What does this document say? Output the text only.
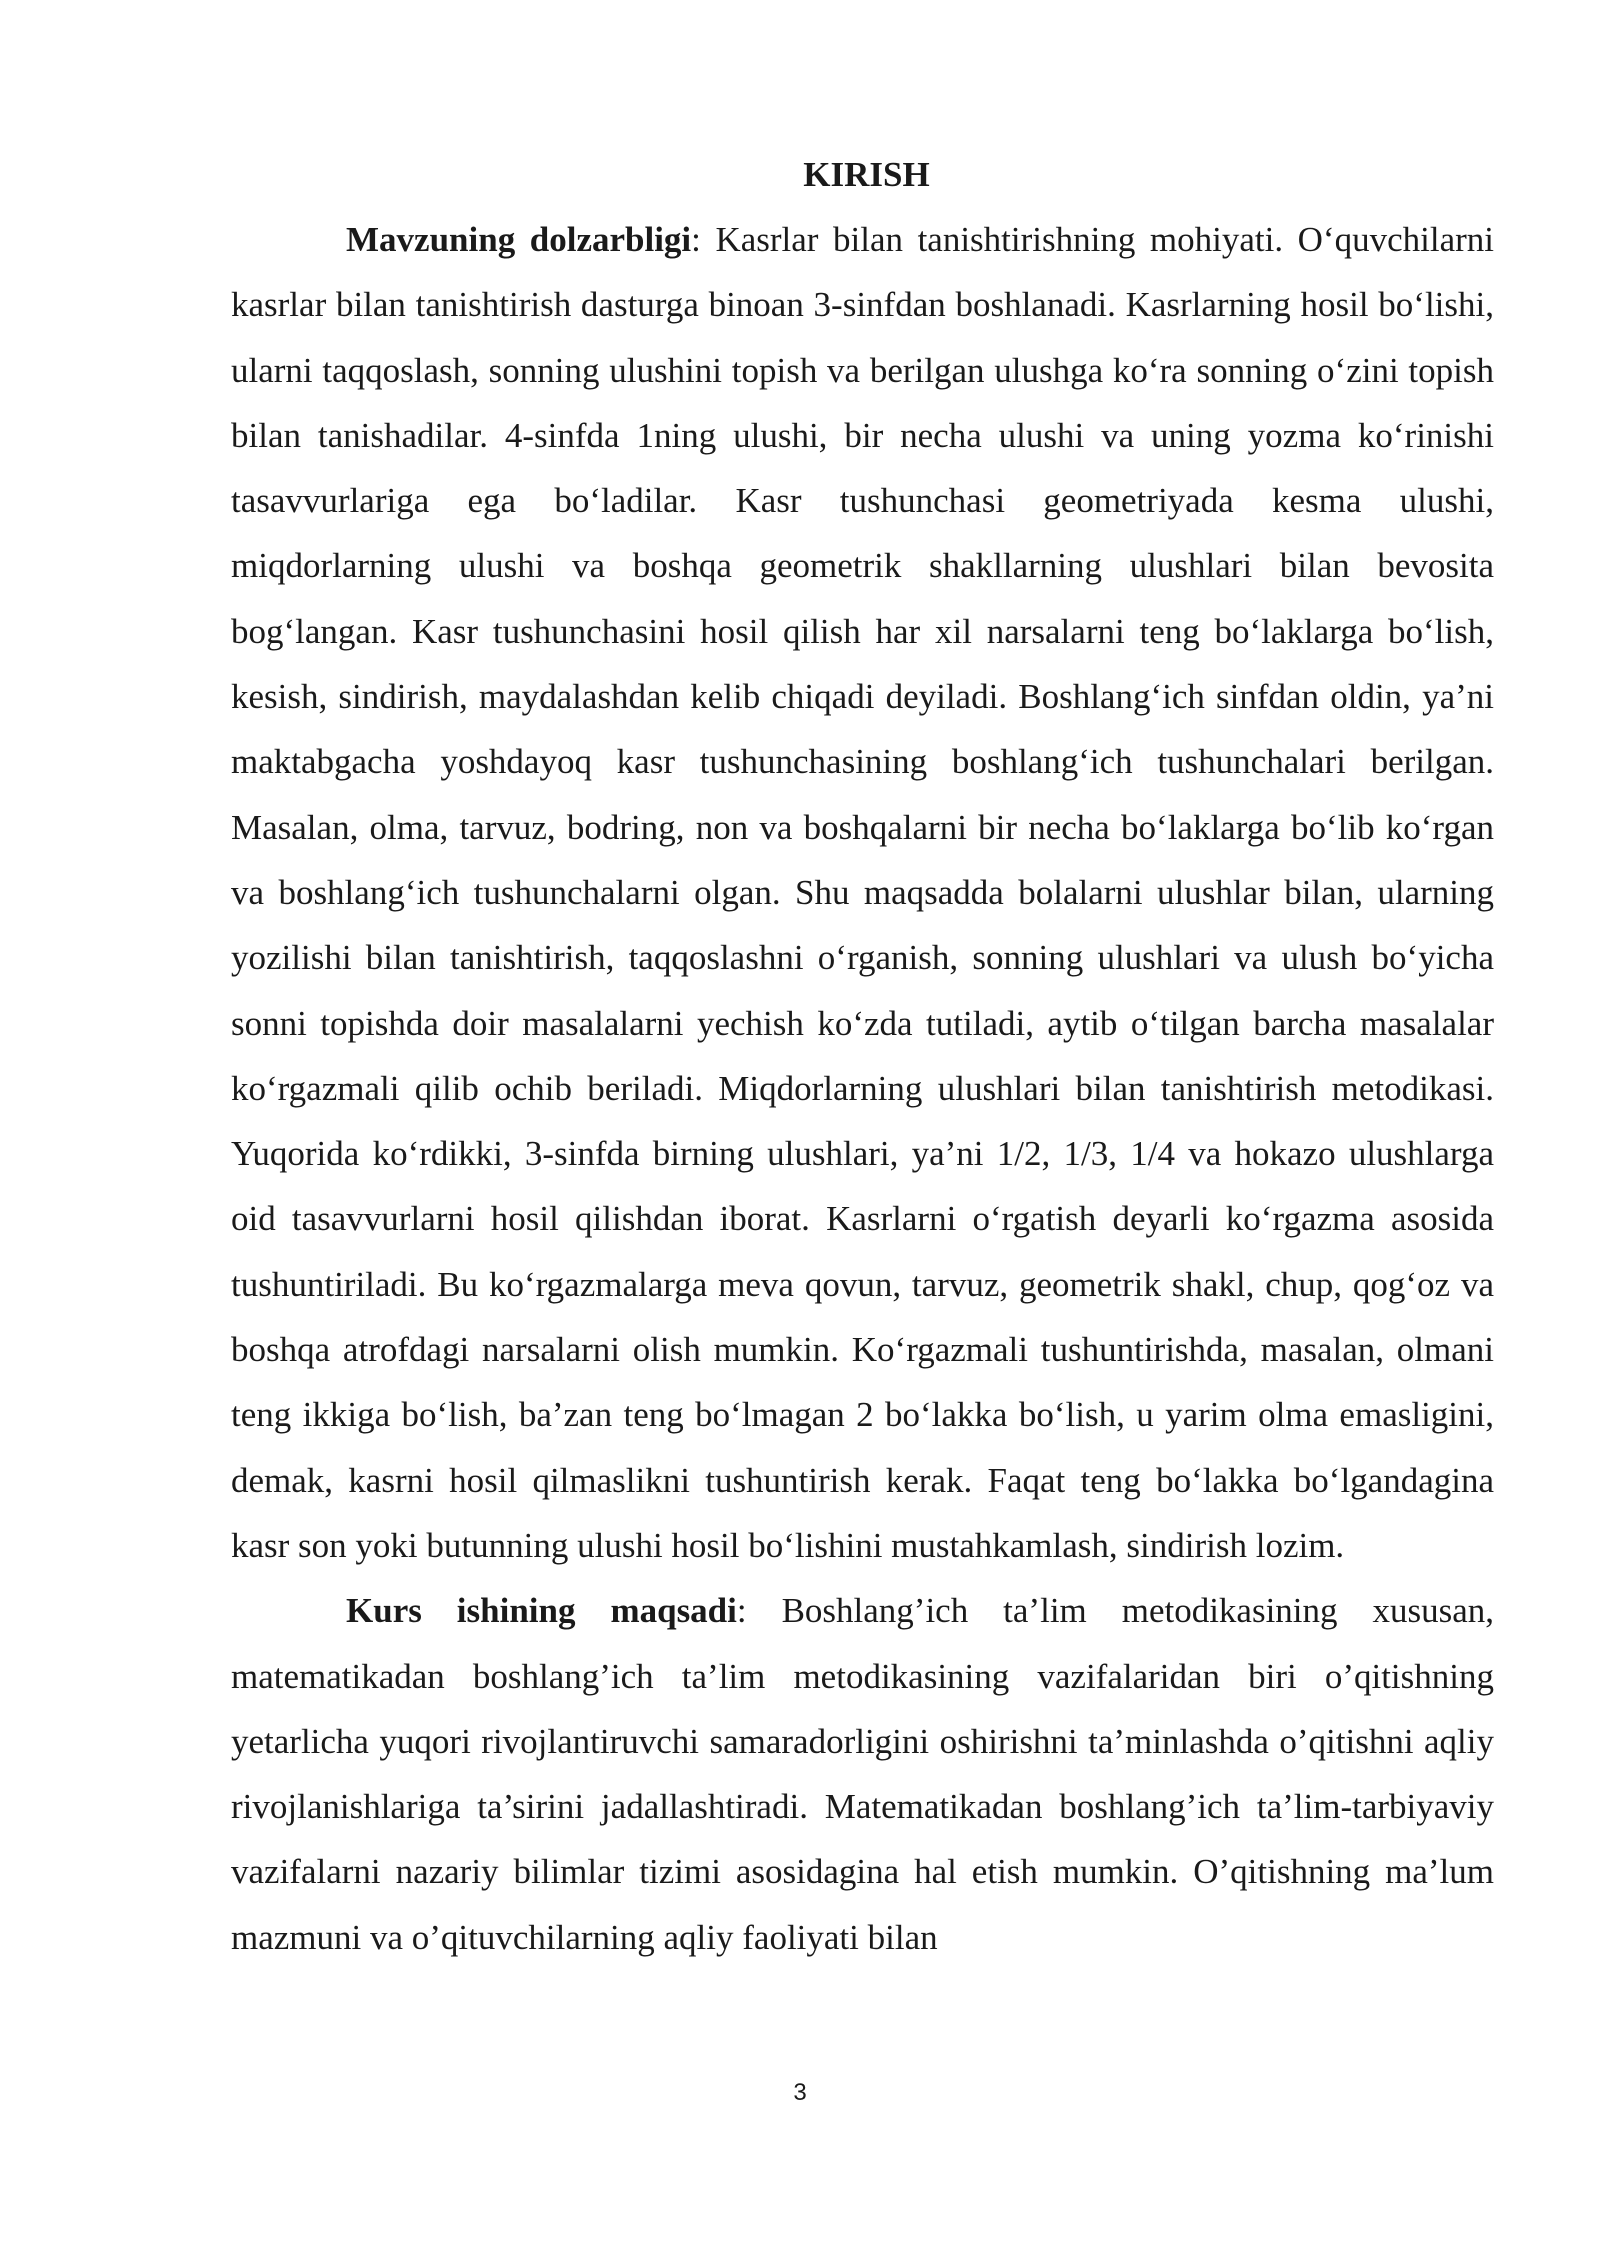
KIRISH

Mavzuning dolzarbligi: Kasrlar bilan tanishtirishning mohiyati. O‘quvchilarni kasrlar bilan tanishtirish dasturga binoan 3-sinfdan boshlanadi. Kasrlarning hosil bo‘lishi, ularni taqqoslash, sonning ulushini topish va berilgan ulushga ko‘ra sonning o‘zini topish bilan tanishadilar. 4-sinfda 1ning ulushi, bir necha ulushi va uning yozma ko‘rinishi tasavvurlariga ega bo‘ladilar. Kasr tushunchasi geometriyada kesma ulushi, miqdorlarning ulushi va boshqa geometrik shakllarning ulushlari bilan bevosita bog‘langan. Kasr tushunchasini hosil qilish har xil narsalarni teng bo‘laklarga bo‘lish, kesish, sindirish, maydalashdan kelib chiqadi deyiladi. Boshlang‘ich sinfdan oldin, ya’ni maktabgacha yoshdayoq kasr tushunchasining boshlang‘ich tushunchalari berilgan. Masalan, olma, tarvuz, bodring, non va boshqalarni bir necha bo‘laklarga bo‘lib ko‘rgan va boshlang‘ich tushunchalarni olgan. Shu maqsadda bolalarni ulushlar bilan, ularning yozilishi bilan tanishtirish, taqqoslashni o‘rganish, sonning ulushlari va ulush bo‘yicha sonni topishda doir masalalarni yechish ko‘zda tutiladi, aytib o‘tilgan barcha masalalar ko‘rgazmali qilib ochib beriladi. Miqdorlarning ulushlari bilan tanishtirish metodikasi. Yuqorida ko‘rdikki, 3-sinfda birning ulushlari, ya’ni 1/2, 1/3, 1/4 va hokazo ulushlarga oid tasavvurlarni hosil qilishdan iborat. Kasrlarni o‘rgatish deyarli ko‘rgazma asosida tushuntiriladi. Bu ko‘rgazmalarga meva qovun, tarvuz, geometrik shakl, chup, qog‘oz va boshqa atrofdagi narsalarni olish mumkin. Ko‘rgazmali tushuntirishda, masalan, olmani teng ikkiga bo‘lish, ba’zan teng bo‘lmagan 2 bo‘lakka bo‘lish, u yarim olma emasligini, demak, kasrni hosil qilmaslikni tushuntirish kerak. Faqat teng bo‘lakka bo‘lgandagina kasr son yoki butunning ulushi hosil bo‘lishini mustahkamlash, sindirish lozim.

Kurs ishining maqsadi: Boshlang’ich ta’lim metodikasining xususan, matematikadan boshlang’ich ta’lim metodikasining vazifalaridan biri o’qitishning yetarlicha yuqori rivojlantiruvchi samaradorligini oshirishni ta’minlashda o’qitishni aqliy rivojlanishlariga ta’sirini jadallashtiradi. Matematikadan boshlang’ich ta’lim-tarbiyaviy vazifalarni nazariy bilimlar tizimi asosidagina hal etish mumkin. O’qitishning ma’lum mazmuni va o’qituvchilarning aqliy faoliyati bilan

3
